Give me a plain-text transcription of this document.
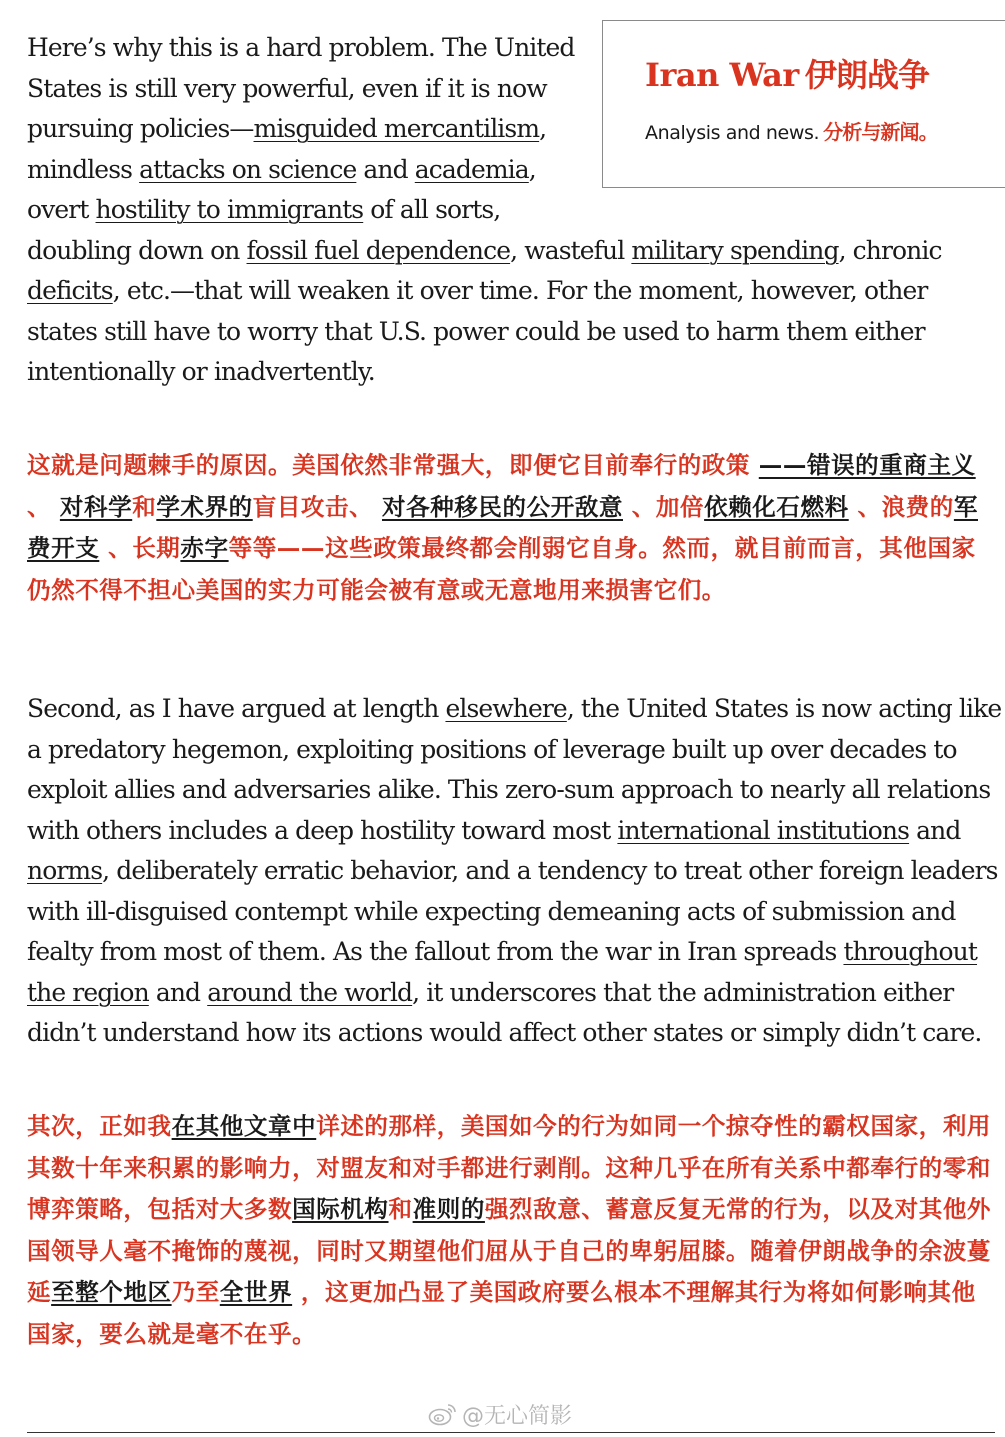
Iran War 伊朗战争
Analysis and news. 分析与新闻。
Here’s why this is a hard problem. The United States is still very powerful, even if it is now pursuing policies—misguided mercantilism, mindless attacks on science and academia, overt hostility to immigrants of all sorts, doubling down on fossil fuel dependence, wasteful military spending, chronic deficits, etc.—that will weaken it over time. For the moment, however, other states still have to worry that U.S. power could be used to harm them either intentionally or inadvertently.

这就是问题棘手的原因。美国依然非常强大，即便它目前奉行的政策 ——错误的重商主义 、 对科学和学术界的盲目攻击、 对各种移民的公开敌意 、加倍依赖化石燃料 、浪费的军费开支 、长期赤字等等——这些政策最终都会削弱它自身。然而，就目前而言，其他国家仍然不得不担心美国的实力可能会被有意或无意地用来损害它们。

Second, as I have argued at length elsewhere, the United States is now acting like a predatory hegemon, exploiting positions of leverage built up over decades to exploit allies and adversaries alike. This zero-sum approach to nearly all relations with others includes a deep hostility toward most international institutions and norms, deliberately erratic behavior, and a tendency to treat other foreign leaders with ill-disguised contempt while expecting demeaning acts of submission and fealty from most of them. As the fallout from the war in Iran spreads throughout the region and around the world, it underscores that the administration either didn’t understand how its actions would affect other states or simply didn’t care.

其次，正如我在其他文章中详述的那样，美国如今的行为如同一个掠夺性的霸权国家，利用其数十年来积累的影响力，对盟友和对手都进行剥削。这种几乎在所有关系中都奉行的零和博弈策略，包括对大多数国际机构和准则的强烈敌意、蓄意反复无常的行为，以及对其他外国领导人毫不掩饰的蔑视，同时又期望他们屈从于自己的卑躬屈膝。随着伊朗战争的余波蔓延至整个地区乃至全世界 ，这更加凸显了美国政府要么根本不理解其行为将如何影响其他国家，要么就是毫不在乎。

@无心简影
